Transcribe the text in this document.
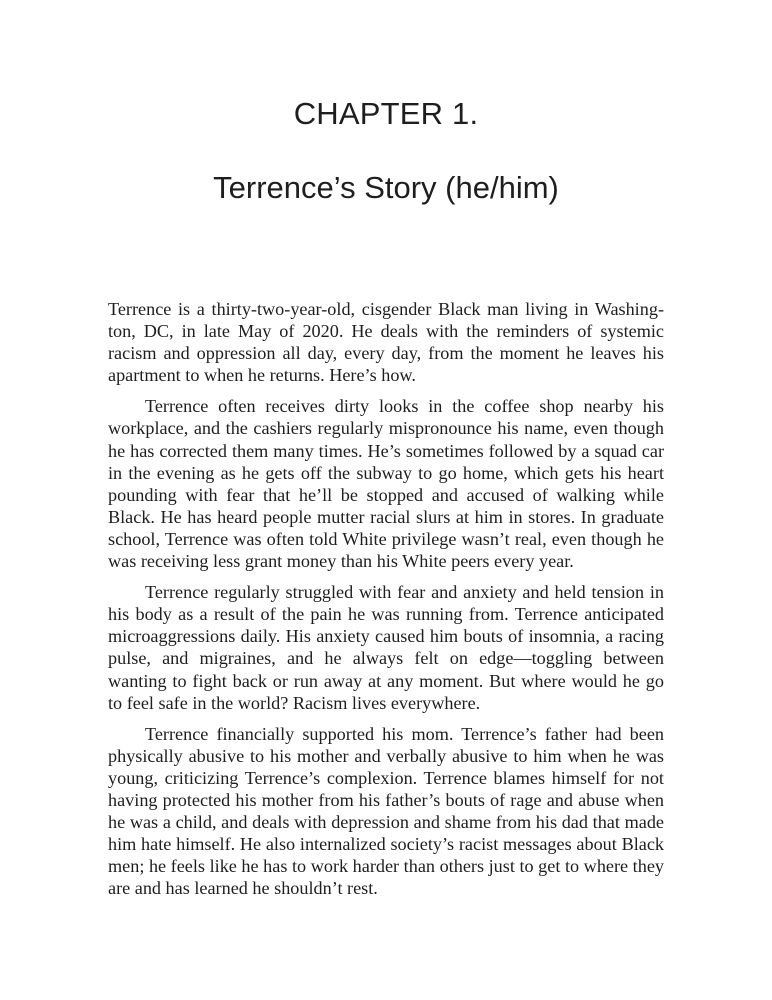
CHAPTER 1.
Terrence’s Story (he/him)

Terrence is a thirty-two-year-old, cisgender Black man living in Washington, DC, in late May of 2020. He deals with the reminders of systemic racism and oppression all day, every day, from the moment he leaves his apartment to when he returns. Here’s how.

Terrence often receives dirty looks in the coffee shop nearby his workplace, and the cashiers regularly mispronounce his name, even though he has corrected them many times. He’s sometimes followed by a squad car in the evening as he gets off the subway to go home, which gets his heart pounding with fear that he’ll be stopped and accused of walking while Black. He has heard people mutter racial slurs at him in stores. In graduate school, Terrence was often told White privilege wasn’t real, even though he was receiving less grant money than his White peers every year.

Terrence regularly struggled with fear and anxiety and held tension in his body as a result of the pain he was running from. Terrence anticipated microaggressions daily. His anxiety caused him bouts of insomnia, a racing pulse, and migraines, and he always felt on edge—toggling between wanting to fight back or run away at any moment. But where would he go to feel safe in the world? Racism lives everywhere.

Terrence financially supported his mom. Terrence’s father had been physically abusive to his mother and verbally abusive to him when he was young, criticizing Terrence’s complexion. Terrence blames himself for not having protected his mother from his father’s bouts of rage and abuse when he was a child, and deals with depression and shame from his dad that made him hate himself. He also internalized society’s racist messages about Black men; he feels like he has to work harder than others just to get to where they are and has learned he shouldn’t rest.
